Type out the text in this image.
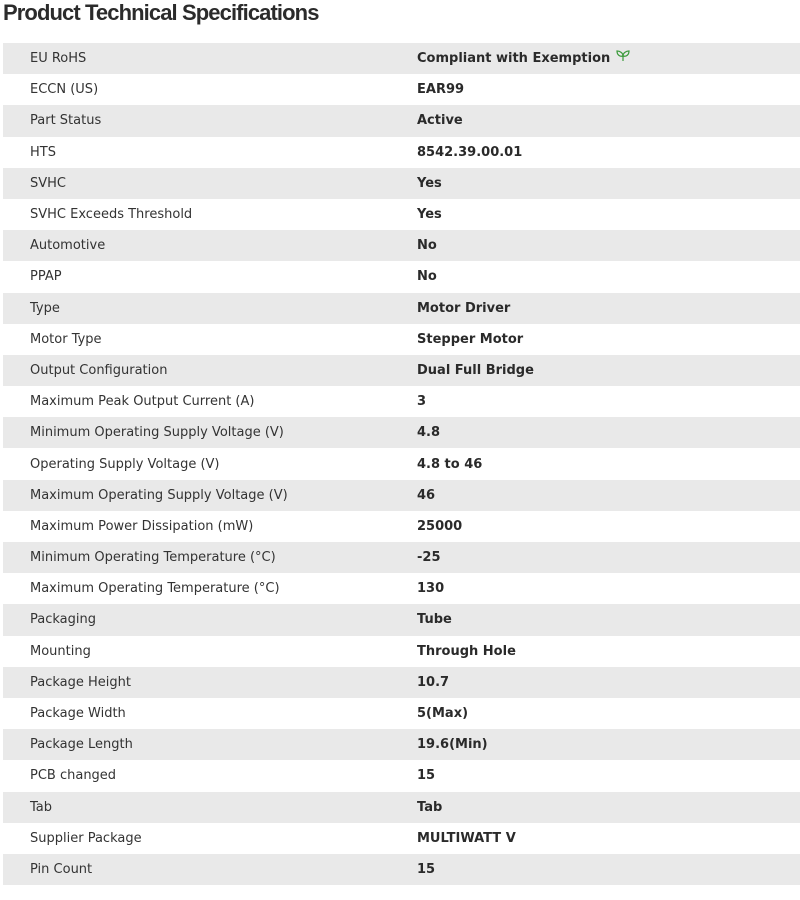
Product Technical Specifications
EU RoHS	Compliant with Exemption
ECCN (US)	EAR99
Part Status	Active
HTS	8542.39.00.01
SVHC	Yes
SVHC Exceeds Threshold	Yes
Automotive	No
PPAP	No
Type	Motor Driver
Motor Type	Stepper Motor
Output Configuration	Dual Full Bridge
Maximum Peak Output Current (A)	3
Minimum Operating Supply Voltage (V)	4.8
Operating Supply Voltage (V)	4.8 to 46
Maximum Operating Supply Voltage (V)	46
Maximum Power Dissipation (mW)	25000
Minimum Operating Temperature (°C)	-25
Maximum Operating Temperature (°C)	130
Packaging	Tube
Mounting	Through Hole
Package Height	10.7
Package Width	5(Max)
Package Length	19.6(Min)
PCB changed	15
Tab	Tab
Supplier Package	MULTIWATT V
Pin Count	15
